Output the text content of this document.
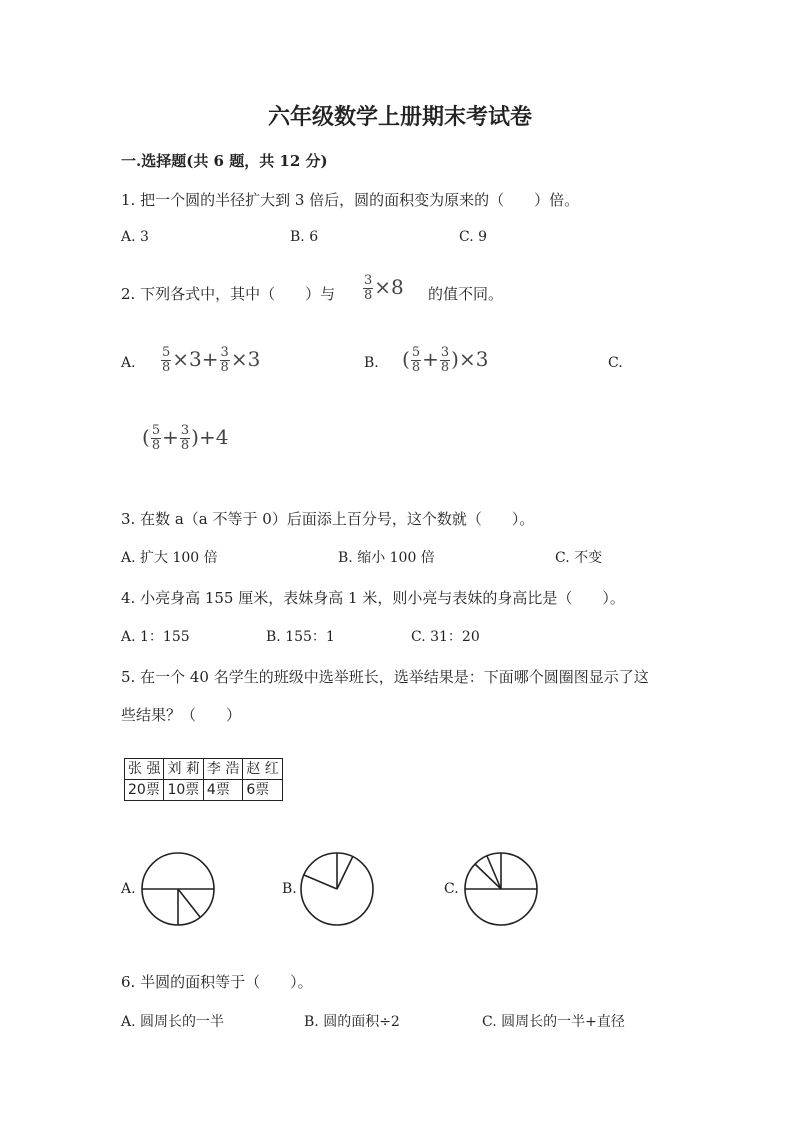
六年级数学上册期末考试卷
一.选择题(共 6 题，共 12 分)
1. 把一个圆的半径扩大到 3 倍后，圆的面积变为原来的（　　）倍。
A. 3	B. 6	C. 9
2. 下列各式中，其中（　　）与 $\frac{3}{8} \times 8$ 的值不同。
A. $\frac{5}{8} \times 3+ \frac{3}{8} \times 3$	B. ( $\frac{5}{8} + \frac{3}{8} )\times 3$	C.
( $\frac{5}{8} + \frac{3}{8} )+4$
3. 在数 a（a 不等于 0）后面添上百分号，这个数就（　　）。
A. 扩大 100 倍	B. 缩小 100 倍	C. 不变
4. 小亮身高 155 厘米，表妹身高 1 米，则小亮与表妹的身高比是（　　）。
A. 1：155	B. 155：1	C. 31：20
5. 在一个 40 名学生的班级中选举班长，选举结果是：下面哪个圆圈图显示了这
些结果？（　　）
张 强	刘 莉	李 浩	赵 红
20票	10票	4票	6票
A.	B.	C.
6. 半圆的面积等于（　　）。
A. 圆周长的一半	B. 圆的面积÷2	C. 圆周长的一半+直径
